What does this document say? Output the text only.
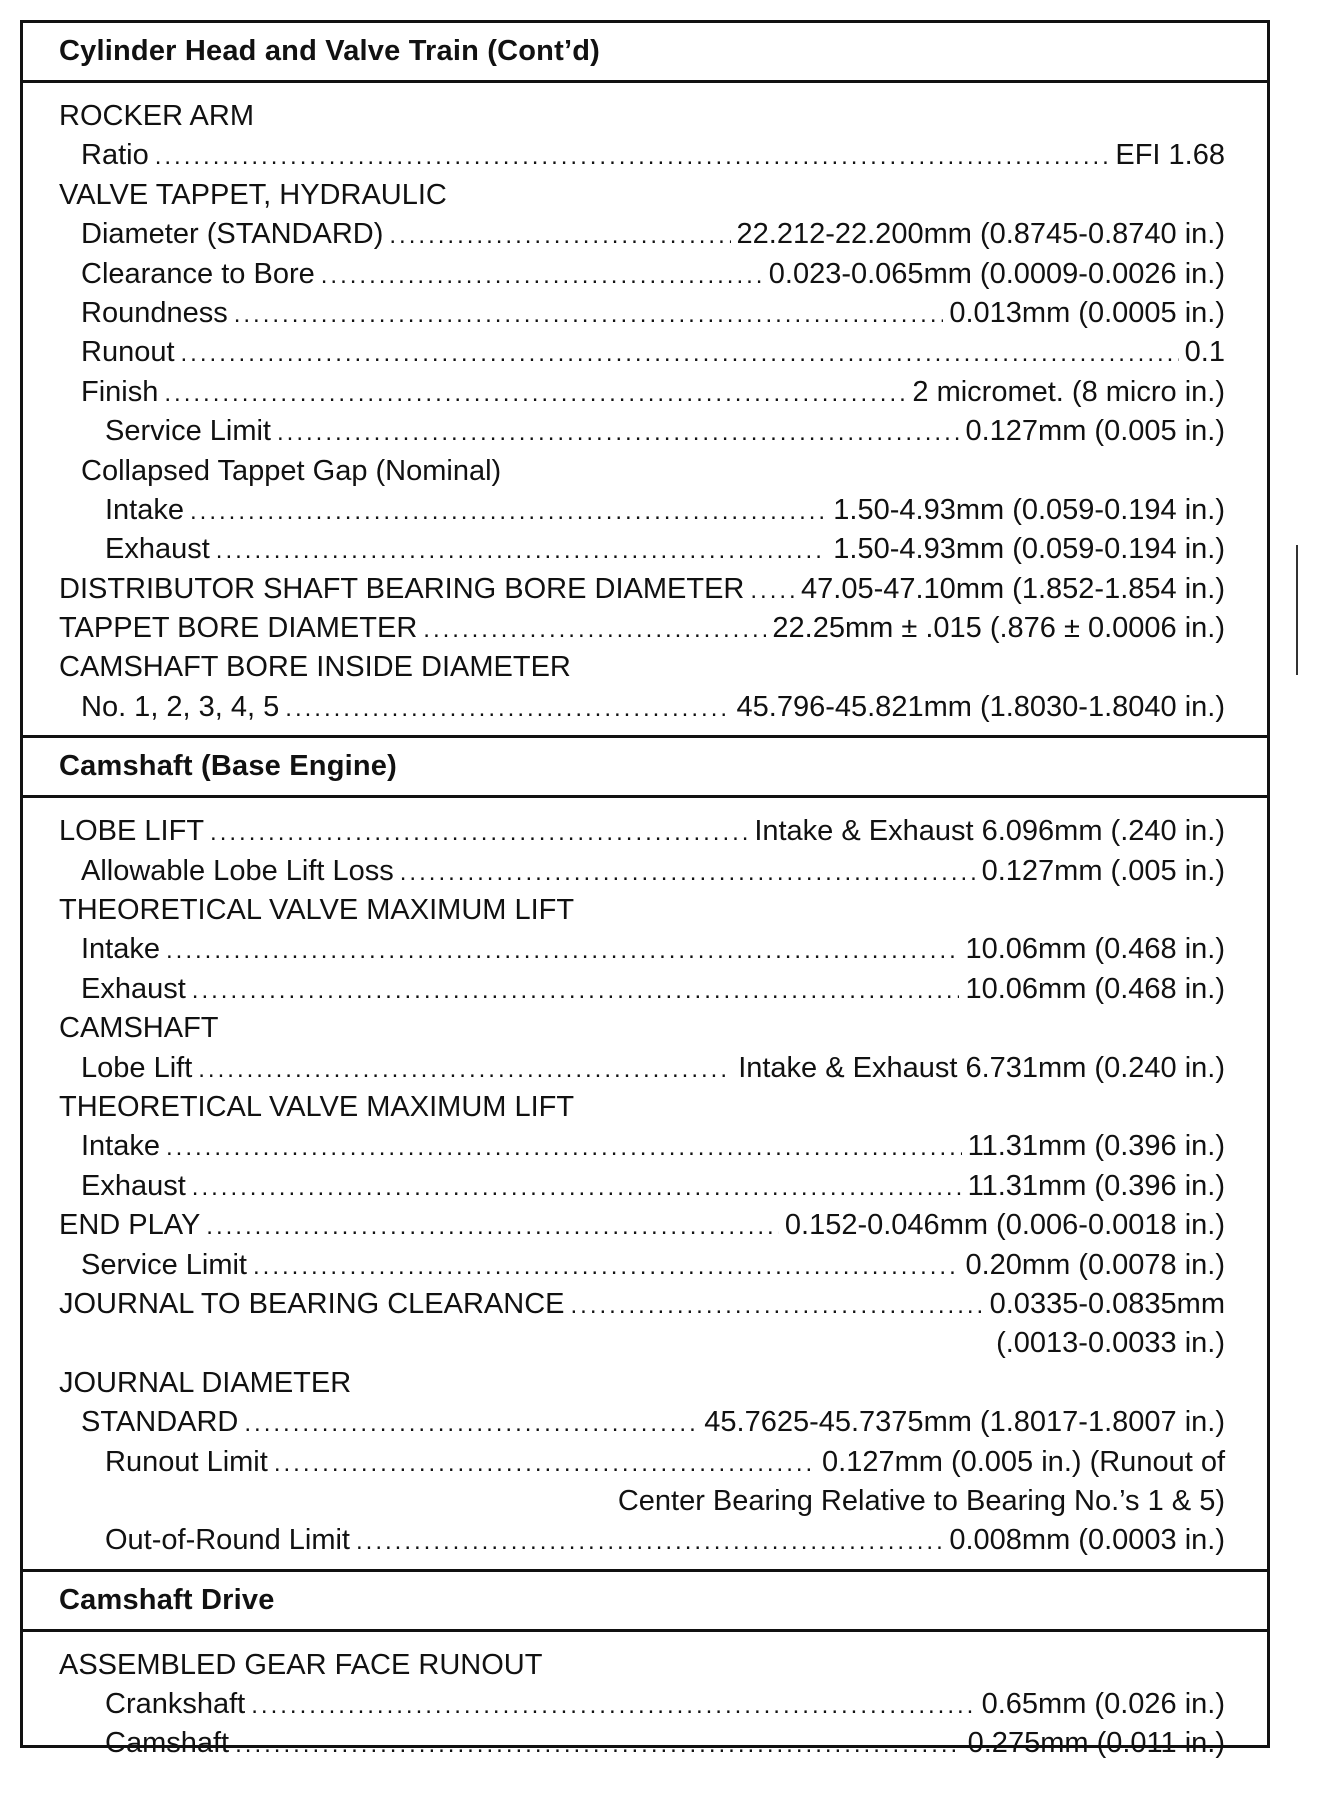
Cylinder Head and Valve Train (Cont’d)
ROCKER ARM
Ratio .....	EFI 1.68
VALVE TAPPET, HYDRAULIC
Diameter (STANDARD) .....	22.212-22.200mm (0.8745-0.8740 in.)
Clearance to Bore .....	0.023-0.065mm (0.0009-0.0026 in.)
Roundness .....	0.013mm (0.0005 in.)
Runout .....	0.1
Finish .....	2 micromet. (8 micro in.)
Service Limit .....	0.127mm (0.005 in.)
Collapsed Tappet Gap (Nominal)
Intake .....	1.50-4.93mm (0.059-0.194 in.)
Exhaust .....	1.50-4.93mm (0.059-0.194 in.)
DISTRIBUTOR SHAFT BEARING BORE DIAMETER ..... 47.05-47.10mm (1.852-1.854 in.)
TAPPET BORE DIAMETER .....	22.25mm ± .015 (.876 ± 0.0006 in.)
CAMSHAFT BORE INSIDE DIAMETER
No. 1, 2, 3, 4, 5 .....	45.796-45.821mm (1.8030-1.8040 in.)
Camshaft (Base Engine)
LOBE LIFT .....	Intake & Exhaust 6.096mm (.240 in.)
Allowable Lobe Lift Loss .....	0.127mm (.005 in.)
THEORETICAL VALVE MAXIMUM LIFT
Intake .....	10.06mm (0.468 in.)
Exhaust .....	10.06mm (0.468 in.)
CAMSHAFT
Lobe Lift .....	Intake & Exhaust 6.731mm (0.240 in.)
THEORETICAL VALVE MAXIMUM LIFT
Intake .....	11.31mm (0.396 in.)
Exhaust .....	11.31mm (0.396 in.)
END PLAY .....	0.152-0.046mm (0.006-0.0018 in.)
Service Limit .....	0.20mm (0.0078 in.)
JOURNAL TO BEARING CLEARANCE .....	0.0335-0.0835mm
(.0013-0.0033 in.)
JOURNAL DIAMETER
STANDARD .....	45.7625-45.7375mm (1.8017-1.8007 in.)
Runout Limit .....	0.127mm (0.005 in.) (Runout of
Center Bearing Relative to Bearing No.’s 1 & 5)
Out-of-Round Limit .....	0.008mm (0.0003 in.)
Camshaft Drive
ASSEMBLED GEAR FACE RUNOUT
Crankshaft .....	0.65mm (0.026 in.)
Camshaft .....	0.275mm (0.011 in.)
